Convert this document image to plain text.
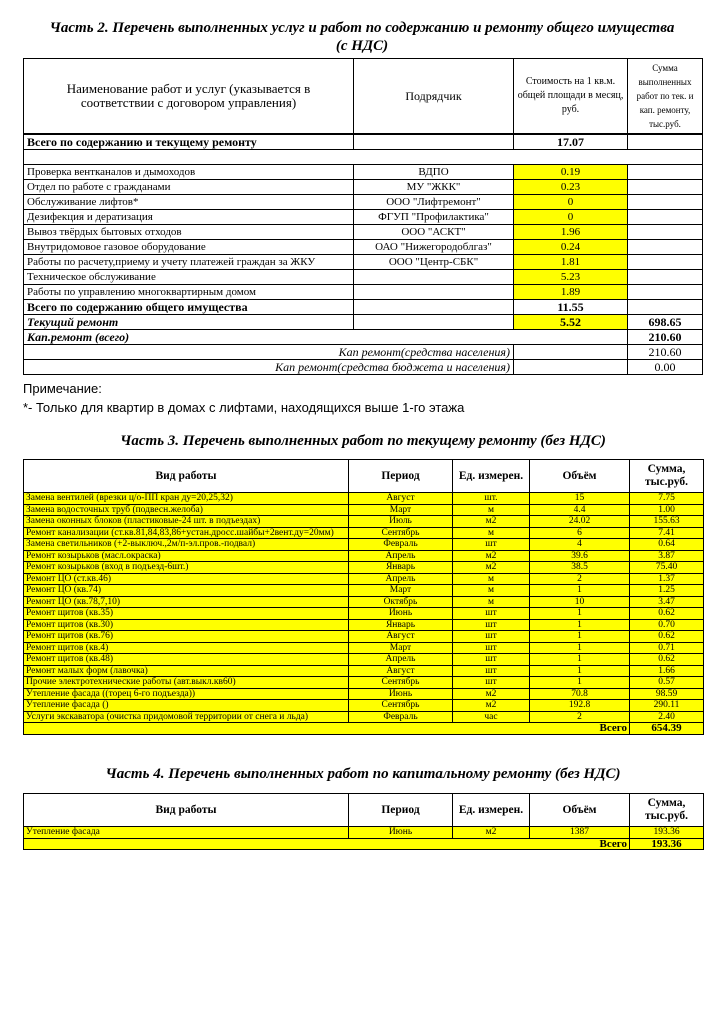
Часть 2. Перечень выполненных услуг и работ по содержанию и ремонту общего имущества
(с НДС)
Наименование работ и услуг (указывается в соответствии с договором управления)	Подрядчик	Стоимость на 1 кв.м. общей площади в месяц, руб.	Сумма выполненных работ по тек. и кап. ремонту, тыс.руб.
Всего по содержанию и текущему ремонту		17.07	

Проверка вентканалов и дымоходов	ВДПО	0.19	
Отдел по работе с гражданами	МУ "ЖКК"	0.23	
Обслуживание лифтов*	ООО "Лифтремонт"	0	
Дезифекция и дератизация	ФГУП "Профилактика"	0	
Вывоз твёрдых бытовых отходов	ООО "АСКТ"	1.96	
Внутридомовое газовое оборудование	ОАО "Нижегородоблгаз"	0.24	
Работы по расчету,приему и учету платежей граждан за ЖКУ	ООО "Центр-СБК"	1.81	
Техническое обслуживание		5.23	
Работы по управлению многоквартирным домом		1.89	
Всего по содержанию общего имущества		11.55	
Текущий ремонт		5.52	698.65
Кап.ремонт (всего)			210.60
Кап ремонт(средства населения)			210.60
Кап ремонт(средства бюджета и населения)			0.00
Примечание:
*- Только для квартир в домах с лифтами, находящихся выше 1-го этажа
Часть 3. Перечень выполненных работ по текущему ремонту (без НДС)
Вид работы	Период	Ед. измерен.	Объём	Сумма, тыс.руб.
Замена вентилей (врезки ц/о-ПП кран ду=20,25,32)	Август	шт.	15	7.75
Замена водосточных труб (подвесн.желоба)	Март	м	4.4	1.00
Замена оконных блоков (пластиковые-24 шт. в подъездах)	Июль	м2	24.02	155.63
Ремонт канализации (ст.кв.81,84,83,86+устан.дросс.шайбы+2вент.ду=20мм)	Сентябрь	м	6	7.41
Замена светильников (+2-выключ.,2м/п-эл.пров.-подвал)	Февраль	шт	4	0.64
Ремонт козырьков (масл.окраска)	Апрель	м2	39.6	3.87
Ремонт козырьков (вход в подъезд-6шт.)	Январь	м2	38.5	75.40
Ремонт ЦО (ст.кв.46)	Апрель	м	2	1.37
Ремонт ЦО (кв.74)	Март	м	1	1.25
Ремонт ЦО (кв.78,7,10)	Октябрь	м	10	3.47
Ремонт щитов (кв.35)	Июнь	шт	1	0.62
Ремонт щитов (кв.30)	Январь	шт	1	0.70
Ремонт щитов (кв.76)	Август	шт	1	0.62
Ремонт щитов (кв.4)	Март	шт	1	0.71
Ремонт щитов (кв.48)	Апрель	шт	1	0.62
Ремонт малых форм (лавочка)	Август	шт	1	1.66
Прочие электротехнические работы (авт.выкл.кв60)	Сентябрь	шт	1	0.57
Утепление фасада ((торец 6-го подъезда))	Июнь	м2	70.8	98.59
Утепление фасада ()	Сентябрь	м2	192.8	290.11
Услуги экскаватора (очистка придомовой территории от снега и льда)	Февраль	час	2	2.40
Всего				654.39
Часть 4. Перечень выполненных работ по капитальному ремонту (без НДС)
Вид работы	Период	Ед. измерен.	Объём	Сумма, тыс.руб.
Утепление фасада	Июнь	м2	1387	193.36
Всего				193.36
